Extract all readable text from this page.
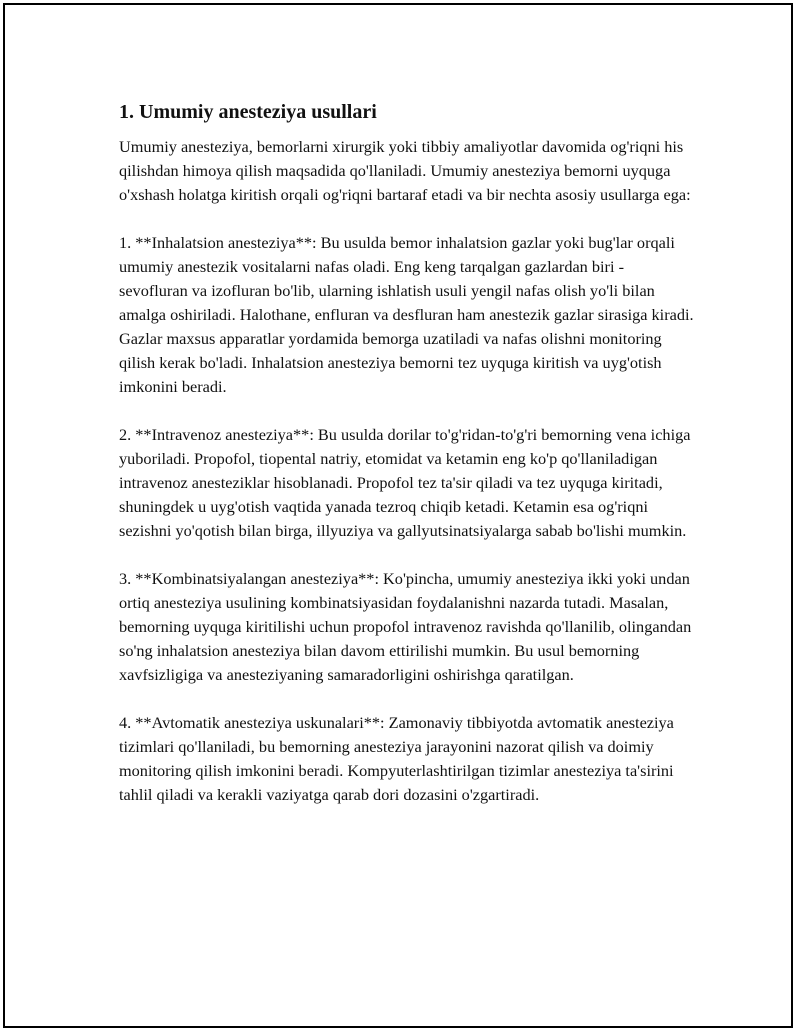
1. Umumiy anesteziya usullari

Umumiy anesteziya, bemorlarni xirurgik yoki tibbiy amaliyotlar davomida og'riqni his qilishdan himoya qilish maqsadida qo'llaniladi. Umumiy anesteziya bemorni uyquga o'xshash holatga kiritish orqali og'riqni bartaraf etadi va bir nechta asosiy usullarga ega:

1. **Inhalatsion anesteziya**: Bu usulda bemor inhalatsion gazlar yoki bug'lar orqali umumiy anestezik vositalarni nafas oladi. Eng keng tarqalgan gazlardan biri - sevofluran va izofluran bo'lib, ularning ishlatish usuli yengil nafas olish yo'li bilan amalga oshiriladi. Halothane, enfluran va desfluran ham anestezik gazlar sirasiga kiradi. Gazlar maxsus apparatlar yordamida bemorga uzatiladi va nafas olishni monitoring qilish kerak bo'ladi. Inhalatsion anesteziya bemorni tez uyquga kiritish va uyg'otish imkonini beradi.

2. **Intravenoz anesteziya**: Bu usulda dorilar to'g'ridan-to'g'ri bemorning vena ichiga yuboriladi. Propofol, tiopental natriy, etomidat va ketamin eng ko'p qo'llaniladigan intravenoz anesteziklar hisoblanadi. Propofol tez ta'sir qiladi va tez uyquga kiritadi, shuningdek u uyg'otish vaqtida yanada tezroq chiqib ketadi. Ketamin esa og'riqni sezishni yo'qotish bilan birga, illyuziya va gallyutsinatsiyalarga sabab bo'lishi mumkin.

3. **Kombinatsiyalangan anesteziya**: Ko'pincha, umumiy anesteziya ikki yoki undan ortiq anesteziya usulining kombinatsiyasidan foydalanishni nazarda tutadi. Masalan, bemorning uyquga kiritilishi uchun propofol intravenoz ravishda qo'llanilib, olingandan so'ng inhalatsion anesteziya bilan davom ettirilishi mumkin. Bu usul bemorning xavfsizligiga va anesteziyaning samaradorligini oshirishga qaratilgan.

4. **Avtomatik anesteziya uskunalari**: Zamonaviy tibbiyotda avtomatik anesteziya tizimlari qo'llaniladi, bu bemorning anesteziya jarayonini nazorat qilish va doimiy monitoring qilish imkonini beradi. Kompyuterlashtirilgan tizimlar anesteziya ta'sirini tahlil qiladi va kerakli vaziyatga qarab dori dozasini o'zgartiradi.
